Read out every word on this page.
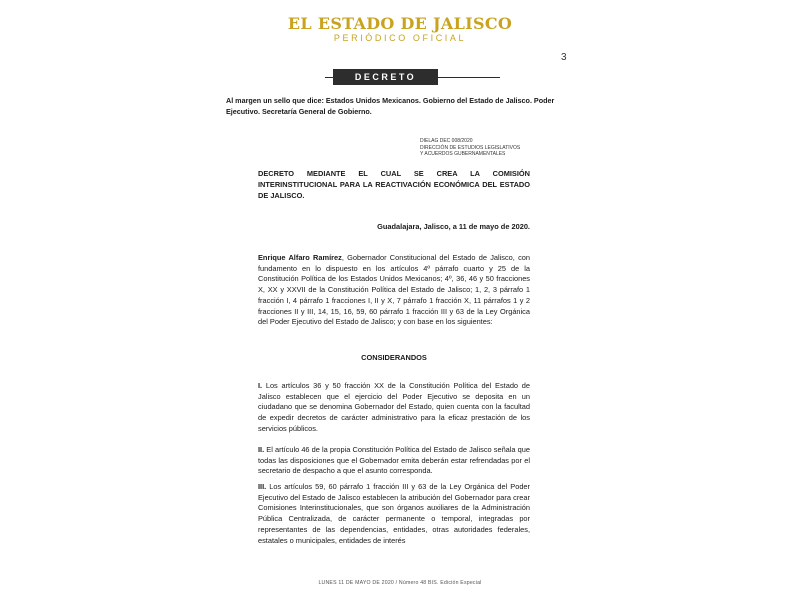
EL ESTADO DE JALISCO
PERIÓDICO OFICIAL
3
DECRETO
Al margen un sello que dice: Estados Unidos Mexicanos. Gobierno del Estado de Jalisco. Poder Ejecutivo. Secretaría General de Gobierno.
DIELAG DEC 008/2020
DIRECCIÓN DE ESTUDIOS LEGISLATIVOS
Y ACUERDOS GUBERNAMENTALES
DECRETO MEDIANTE EL CUAL SE CREA LA COMISIÓN INTERINSTITUCIONAL PARA LA REACTIVACIÓN ECONÓMICA DEL ESTADO DE JALISCO.
Guadalajara, Jalisco, a 11 de mayo de 2020.
Enrique Alfaro Ramírez, Gobernador Constitucional del Estado de Jalisco, con fundamento en lo dispuesto en los artículos 4º párrafo cuarto y 25 de la Constitución Política de los Estados Unidos Mexicanos; 4º, 36, 46 y 50 fracciones X, XX y XXVII de la Constitución Política del Estado de Jalisco; 1, 2, 3 párrafo 1 fracción I, 4 párrafo 1 fracciones I, II y X, 7 párrafo 1 fracción X, 11 párrafos 1 y 2 fracciones II y III, 14, 15, 16, 59, 60 párrafo 1 fracción III y 63 de la Ley Orgánica del Poder Ejecutivo del Estado de Jalisco; y con base en los siguientes:
CONSIDERANDOS
I. Los artículos 36 y 50 fracción XX de la Constitución Política del Estado de Jalisco establecen que el ejercicio del Poder Ejecutivo se deposita en un ciudadano que se denomina Gobernador del Estado, quien cuenta con la facultad de expedir decretos de carácter administrativo para la eficaz prestación de los servicios públicos.
II. El artículo 46 de la propia Constitución Política del Estado de Jalisco señala que todas las disposiciones que el Gobernador emita deberán estar refrendadas por el secretario de despacho a que el asunto corresponda.
III. Los artículos 59, 60 párrafo 1 fracción III y 63 de la Ley Orgánica del Poder Ejecutivo del Estado de Jalisco establecen la atribución del Gobernador para crear Comisiones Interinstitucionales, que son órganos auxiliares de la Administración Pública Centralizada, de carácter permanente o temporal, integradas por representantes de las dependencias, entidades, otras autoridades federales, estatales o municipales, entidades de interés
LUNES 11 DE MAYO DE 2020 / Número 48 BIS. Edición Especial
